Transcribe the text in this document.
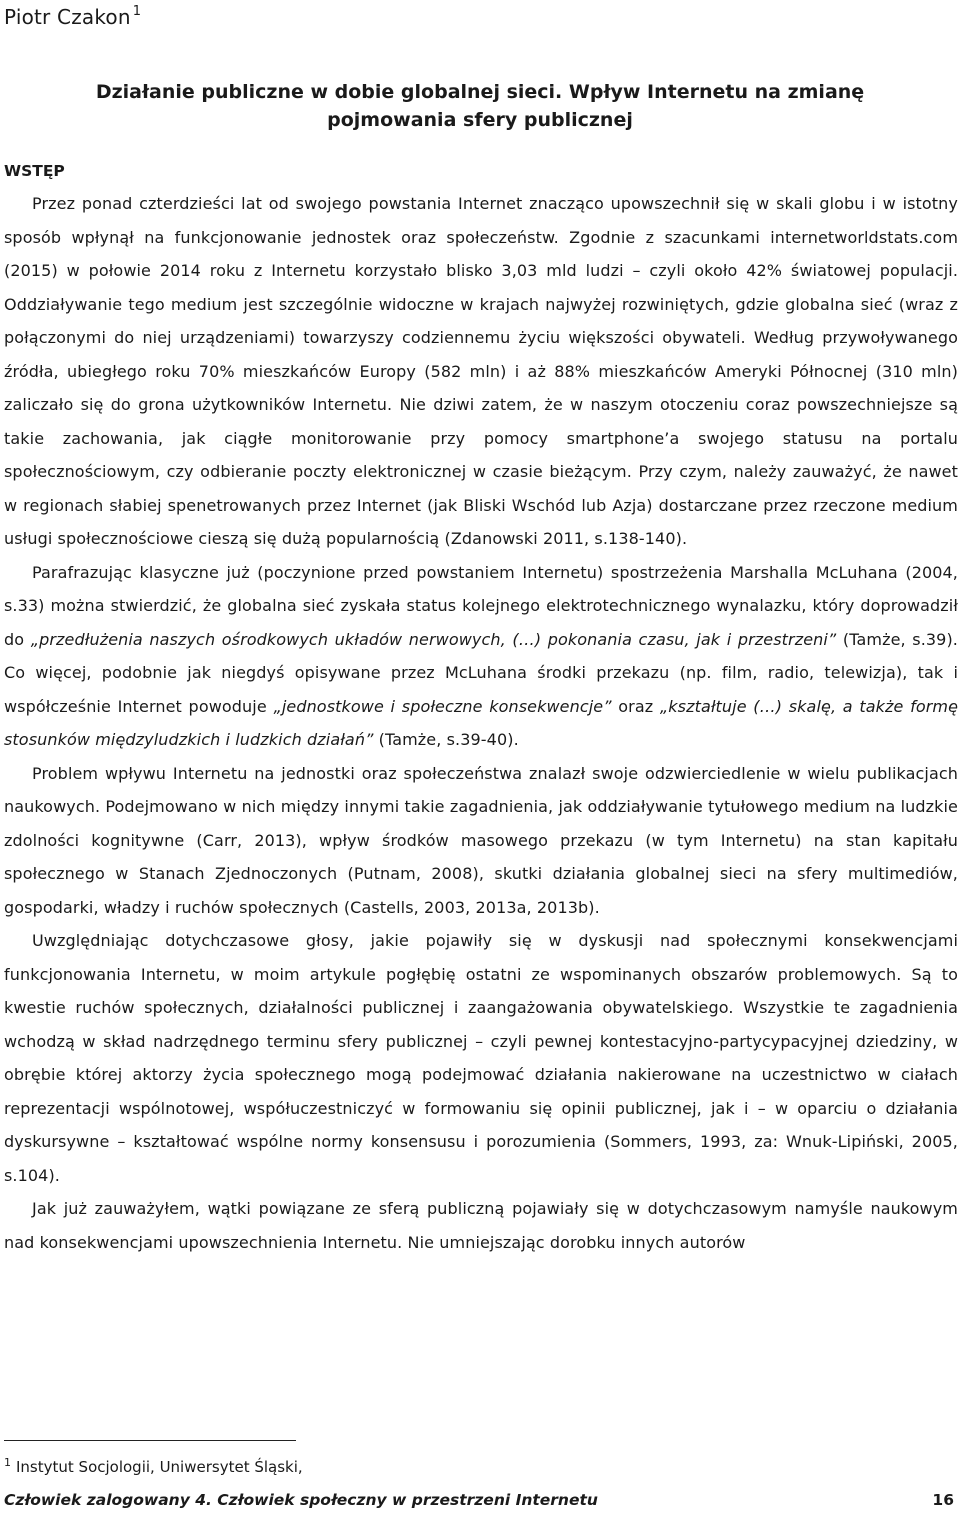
Piotr Czakon $^1$
Działanie publiczne w dobie globalnej sieci. Wpływ Internetu na zmianę
pojmowania sfery publicznej
WSTĘP

Przez ponad czterdzieści lat od swojego powstania Internet znacząco upowszechnił się w skali globu i w istotny sposób wpłynął na funkcjonowanie jednostek oraz społeczeństw. Zgodnie z szacunkami internetworldstats.com (2015) w połowie 2014 roku z Internetu korzystało blisko 3,03 mld ludzi – czyli około 42% światowej populacji. Oddziaływanie tego medium jest szczególnie widoczne w krajach najwyżej rozwiniętych, gdzie globalna sieć (wraz z połączonymi do niej urządzeniami) towarzyszy codziennemu życiu większości obywateli. Według przywoływanego źródła, ubiegłego roku 70% mieszkańców Europy (582 mln) i aż 88% mieszkańców Ameryki Północnej (310 mln) zaliczało się do grona użytkowników Internetu. Nie dziwi zatem, że w naszym otoczeniu coraz powszechniejsze są takie zachowania, jak ciągłe monitorowanie przy pomocy smartphone’a swojego statusu na portalu społecznościowym, czy odbieranie poczty elektronicznej w czasie bieżącym. Przy czym, należy zauważyć, że nawet w regionach słabiej spenetrowanych przez Internet (jak Bliski Wschód lub Azja) dostarczane przez rzeczone medium usługi społecznościowe cieszą się dużą popularnością (Zdanowski 2011, s.138-140).

Parafrazując klasyczne już (poczynione przed powstaniem Internetu) spostrzeżenia Marshalla McLuhana (2004, s.33) można stwierdzić, że globalna sieć zyskała status kolejnego elektrotechnicznego wynalazku, który doprowadził do „przedłużenia naszych ośrodkowych układów nerwowych, (…) pokonania czasu, jak i przestrzeni” (Tamże, s.39). Co więcej, podobnie jak niegdyś opisywane przez McLuhana środki przekazu (np. film, radio, telewizja), tak i współcześnie Internet powoduje „jednostkowe i społeczne konsekwencje” oraz „kształtuje (…) skalę, a także formę stosunków międzyludzkich i ludzkich działań” (Tamże, s.39-40).

Problem wpływu Internetu na jednostki oraz społeczeństwa znalazł swoje odzwierciedlenie w wielu publikacjach naukowych. Podejmowano w nich między innymi takie zagadnienia, jak oddziaływanie tytułowego medium na ludzkie zdolności kognitywne (Carr, 2013), wpływ środków masowego przekazu (w tym Internetu) na stan kapitału społecznego w Stanach Zjednoczonych (Putnam, 2008), skutki działania globalnej sieci na sfery multimediów, gospodarki, władzy i ruchów społecznych (Castells, 2003, 2013a, 2013b).

Uwzględniając dotychczasowe głosy, jakie pojawiły się w dyskusji nad społecznymi konsekwencjami funkcjonowania Internetu, w moim artykule pogłębię ostatni ze wspominanych obszarów problemowych. Są to kwestie ruchów społecznych, działalności publicznej i zaangażowania obywatelskiego. Wszystkie te zagadnienia wchodzą w skład nadrzędnego terminu sfery publicznej – czyli pewnej kontestacyjno-partycypacyjnej dziedziny, w obrębie której aktorzy życia społecznego mogą podejmować działania nakierowane na uczestnictwo w ciałach reprezentacji wspólnotowej, współuczestniczyć w formowaniu się opinii publicznej, jak i – w oparciu o działania dyskursywne – kształtować wspólne normy konsensusu i porozumienia (Sommers, 1993, za: Wnuk-Lipiński, 2005, s.104).

Jak już zauważyłem, wątki powiązane ze sferą publiczną pojawiały się w dotychczasowym namyśle naukowym nad konsekwencjami upowszechnienia Internetu. Nie umniejszając dorobku innych autorów

$^1$ Instytut Socjologii, Uniwersytet Śląski,
Człowiek zalogowany 4. Człowiek społeczny w przestrzeni Internetu	16
